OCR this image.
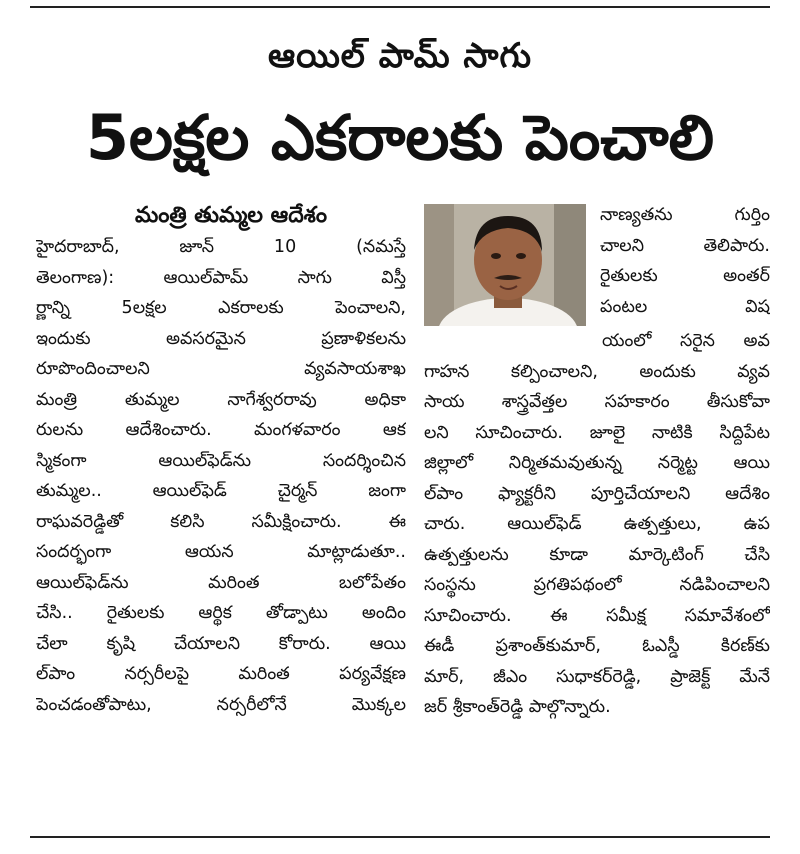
ఆయిల్ పామ్ సాగు
5లక్షల ఎకరాలకు పెంచాలి
మంత్రి తుమ్మల ఆదేశం
హైదరాబాద్, జూన్ 10 (నమస్తే
తెలంగాణ): ఆయిల్‌పామ్ సాగు విస్తీ
ర్ణాన్ని 5లక్షల ఎకరాలకు పెంచాలని,
ఇందుకు అవసరమైన ప్రణాళికలను
రూపొందించాలని వ్యవసాయశాఖ
మంత్రి తుమ్మల నాగేశ్వరరావు అధికా
రులను ఆదేశించారు. మంగళవారం ఆక
స్మికంగా ఆయిల్‌ఫెడ్‌ను సందర్శించిన
తుమ్మల.. ఆయిల్‌ఫెడ్ చైర్మన్ జంగా
రాఘవరెడ్డితో కలిసి సమీక్షించారు. ఈ
సందర్భంగా ఆయన మాట్లాడుతూ..
ఆయిల్‌ఫెడ్‌ను మరింత బలోపేతం
చేసి.. రైతులకు ఆర్థిక తోడ్పాటు అందిం
చేలా కృషి చేయాలని కోరారు. ఆయి
ల్‌పాం నర్సరీలపై మరింత పర్యవేక్షణ
పెంచడంతోపాటు, నర్సరీలోనే మొక్కల
నాణ్యతను గుర్తిం
చాలని తెలిపారు.
రైతులకు అంతర్
పంటల విష
యంలో సరైన అవ
గాహన కల్పించాలని, అందుకు వ్యవ
సాయ శాస్త్రవేత్తల సహకారం తీసుకోవా
లని సూచించారు. జూలై నాటికి సిద్దిపేట
జిల్లాలో నిర్మితమవుతున్న నర్మెట్ట ఆయి
ల్‌పాం ఫ్యాక్టరీని పూర్తిచేయాలని ఆదేశిం
చారు. ఆయిల్‌ఫెడ్ ఉత్పత్తులు, ఉప
ఉత్పత్తులను కూడా మార్కెటింగ్ చేసి
సంస్థను ప్రగతిపథంలో నడిపించాలని
సూచించారు. ఈ సమీక్ష సమావేశంలో
ఈడీ ప్రశాంత్‌కుమార్, ఓఎస్డీ కిరణ్‌కు
మార్, జీఎం సుధాకర్‌రెడ్డి, ప్రాజెక్ట్ మేనే
జర్ శ్రీకాంత్‌రెడ్డి పాల్గొన్నారు.
